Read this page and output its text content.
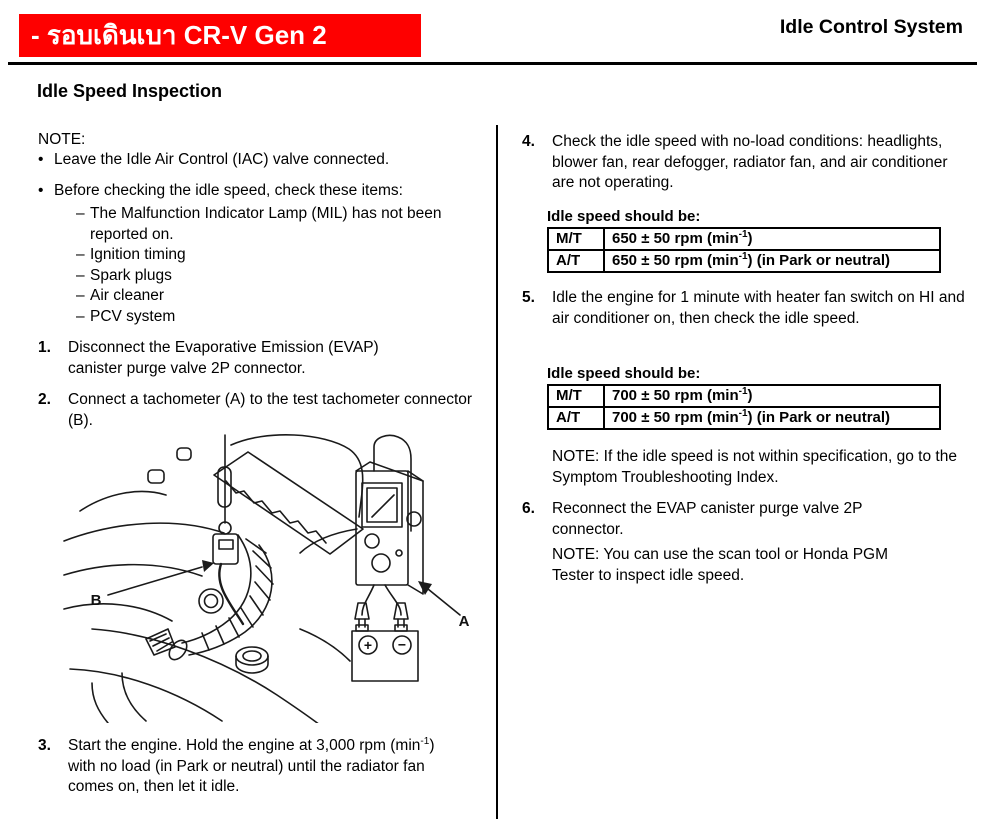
- รอบเดินเบา CR-V Gen 2	Idle Control System
Idle Speed Inspection
NOTE:
• Leave the Idle Air Control (IAC) valve connected.
• Before checking the idle speed, check these items:
– The Malfunction Indicator Lamp (MIL) has not been reported on.
– Ignition timing
– Spark plugs
– Air cleaner
– PCV system
1.	Disconnect the Evaporative Emission (EVAP) canister purge valve 2P connector.
2.	Connect a tachometer (A) to the test tachometer connector (B).
A
B
+ −
3.	Start the engine. Hold the engine at 3,000 rpm $(\min^{-1})$ with no load (in Park or neutral) until the radiator fan comes on, then let it idle.
4.	Check the idle speed with no-load conditions: headlights, blower fan, rear defogger, radiator fan, and air conditioner are not operating.
Idle speed should be:
M/T	650 ± 50 rpm $(\min^{-1})$
A/T	650 ± 50 rpm $(\min^{-1})$ (in Park or neutral)
5.	Idle the engine for 1 minute with heater fan switch on HI and air conditioner on, then check the idle speed.
Idle speed should be:
M/T	700 ± 50 rpm $(\min^{-1})$
A/T	700 ± 50 rpm $(\min^{-1})$ (in Park or neutral)
NOTE: If the idle speed is not within specification, go to the Symptom Troubleshooting Index.
6.	Reconnect the EVAP canister purge valve 2P connector.
NOTE: You can use the scan tool or Honda PGM Tester to inspect idle speed.
